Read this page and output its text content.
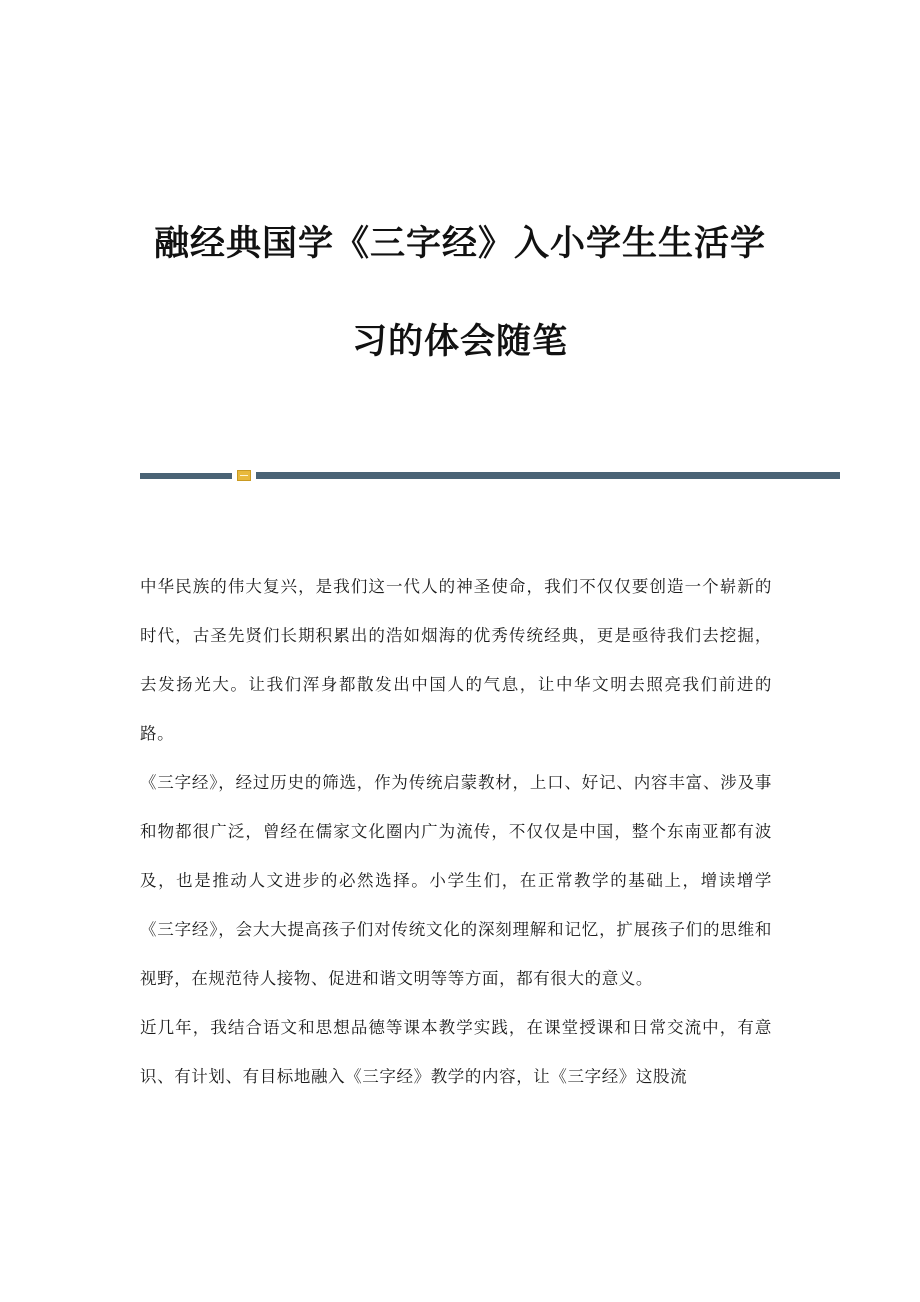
融经典国学《三字经》入小学生生活学
习的体会随笔

中华民族的伟大复兴，是我们这一代人的神圣使命，我们不仅仅要创造一个崭新的时代，古圣先贤们长期积累出的浩如烟海的优秀传统经典，更是亟待我们去挖掘，去发扬光大。让我们浑身都散发出中国人的气息，让中华文明去照亮我们前进的路。

《三字经》，经过历史的筛选，作为传统启蒙教材，上口、好记、内容丰富、涉及事和物都很广泛，曾经在儒家文化圈内广为流传，不仅仅是中国，整个东南亚都有波及，也是推动人文进步的必然选择。小学生们，在正常教学的基础上，增读增学《三字经》，会大大提高孩子们对传统文化的深刻理解和记忆，扩展孩子们的思维和视野，在规范待人接物、促进和谐文明等等方面，都有很大的意义。

近几年，我结合语文和思想品德等课本教学实践，在课堂授课和日常交流中，有意识、有计划、有目标地融入《三字经》教学的内容，让《三字经》这股流
